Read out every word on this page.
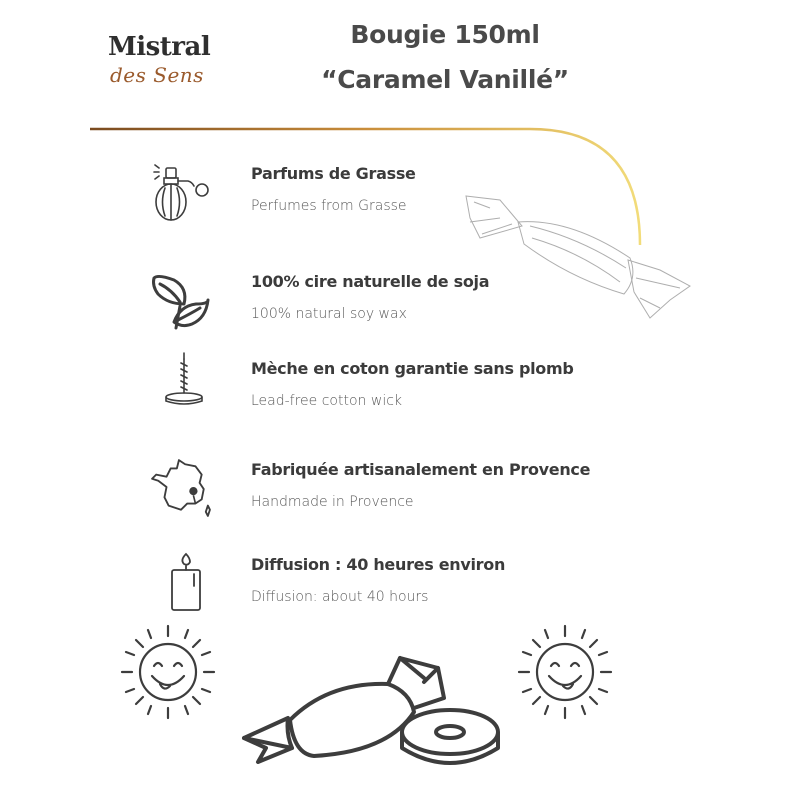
Mistral
des Sens
Bougie 150ml
“Caramel Vanillé”
Parfums de Grasse
Perfumes from Grasse
100% cire naturelle de soja
100% natural soy wax
Mèche en coton garantie sans plomb
Lead-free cotton wick
Fabriquée artisanalement en Provence
Handmade in Provence
Diffusion : 40 heures environ
Diffusion: about 40 hours
